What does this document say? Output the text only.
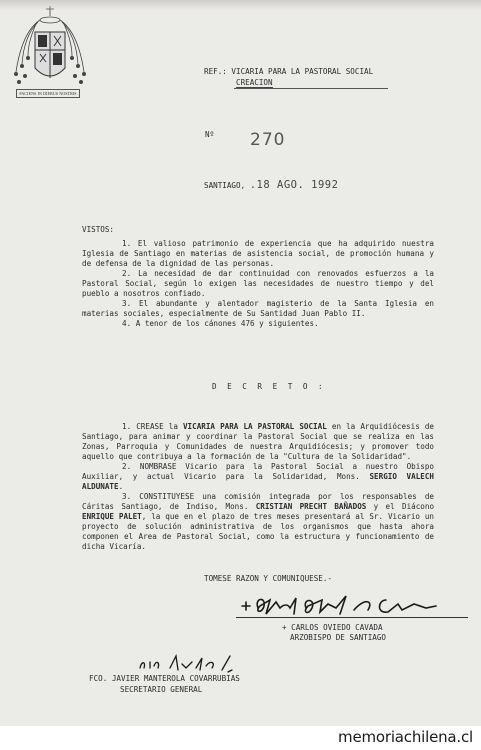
FACIENS IN DIEBUS NOSTRIS
REF.: VICARIA PARA LA PASTORAL SOCIAL
CREACION
Nº 270
SANTIAGO, .18 AGO. 1992
VISTOS:

1. El valioso patrimonio de experiencia que ha adquirido nuestra Iglesia de Santiago en materias de asistencia social, de promoción humana y de defensa de la dignidad de las personas.

2. La necesidad de dar continuidad con renovados esfuerzos a la Pastoral Social, según lo exigen las necesidades de nuestro tiempo y del pueblo a nosotros confiado.

3. El abundante y alentador magisterio de la Santa Iglesia en materias sociales, especialmente de Su Santidad Juan Pablo II.

4. A tenor de los cánones 476 y siguientes.

D E C R E T O :

1. CREASE la VICARIA PARA LA PASTORAL SOCIAL en la Arquidiócesis de Santiago, para animar y coordinar la Pastoral Social que se realiza en las Zonas, Parroquia y Comunidades de nuestra Arquidiócesis; y promover todo aquello que contribuya a la formación de la "Cultura de la Solidaridad".

2. NOMBRASE Vicario para la Pastoral Social a nuestro Obispo Auxiliar, y actual Vicario para la Solidaridad, Mons. SERGIO VALECH ALDUNATE.

3. CONSTITUYESE una comisión integrada por los responsables de Cáritas Santiago, de Indiso, Mons. CRISTIAN PRECHT BAÑADOS y el Diácono ENRIQUE PALET, la que en el plazo de tres meses presentará al Sr. Vicario un proyecto de solución administrativa de los organismos que hasta ahora componen el Area de Pastoral Social, como la estructura y funcionamiento de dicha Vicaría.

TOMESE RAZON Y COMUNIQUESE.-
+ CARLOS OVIEDO CAVADA
ARZOBISPO DE SANTIAGO
FCO. JAVIER MANTEROLA COVARRUBIAS
SECRETARIO GENERAL
memoriachilena.cl
